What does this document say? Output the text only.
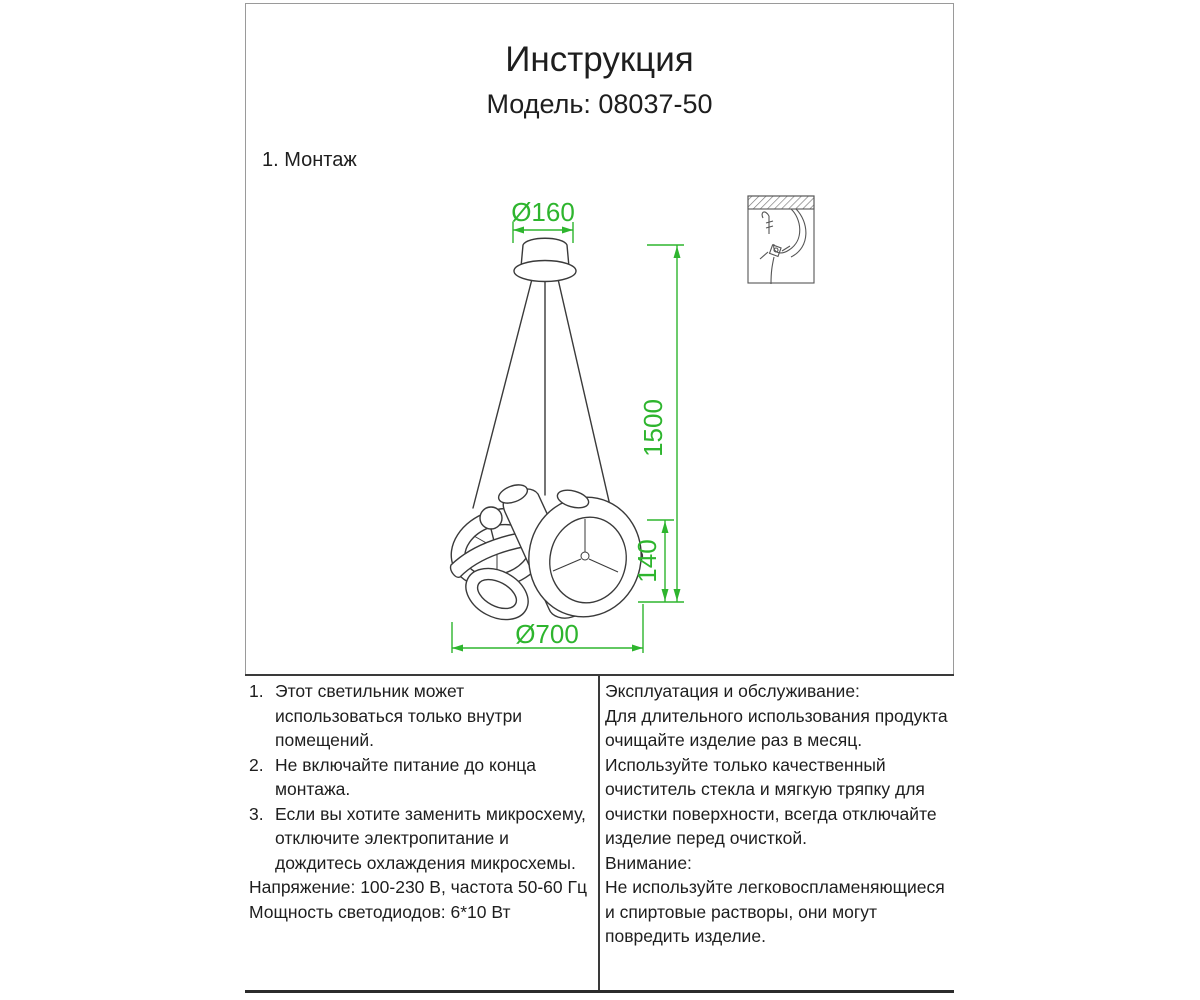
Инструкция
Модель: 08037-50
1. Монтаж
Ø160
1500
140
Ø700
1. Этот светильник может использоваться только внутри помещений.
2. Не включайте питание до конца монтажа.
3. Если вы хотите заменить микросхему, отключите электропитание и дождитесь охлаждения микросхемы.

Напряжение: 100-230 В, частота 50-60 Гц

Мощность светодиодов: 6*10 Вт

Эксплуатация и обслуживание:

Для длительного использования продукта очищайте изделие раз в месяц.

Используйте только качественный очиститель стекла и мягкую тряпку для очистки поверхности, всегда отключайте изделие перед очисткой.

Внимание:

Не используйте легковоспламеняющиеся и спиртовые растворы, они могут повредить изделие.
